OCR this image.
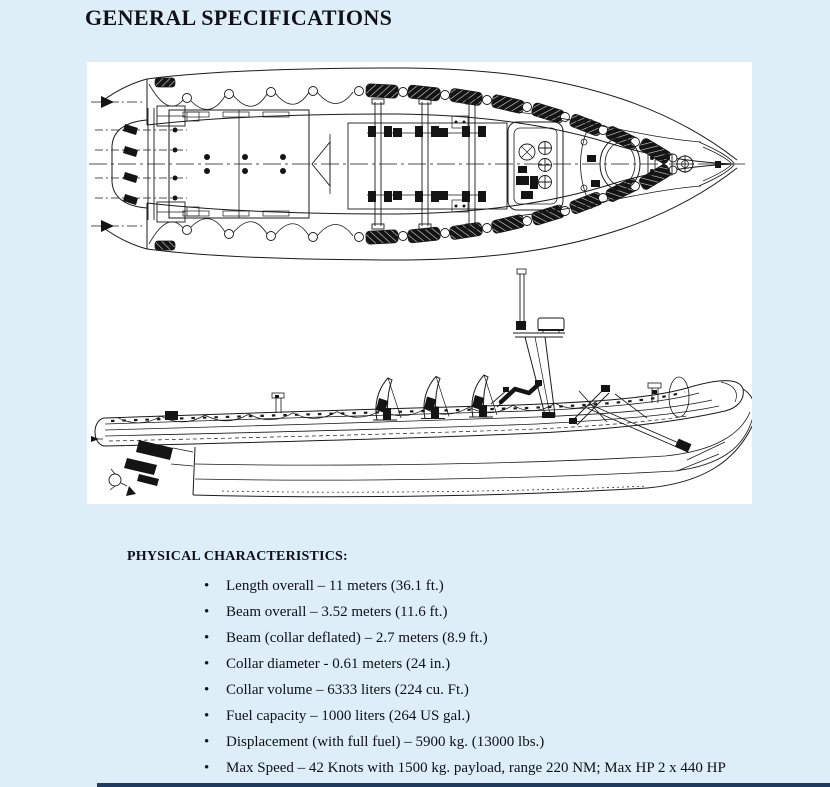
GENERAL SPECIFICATIONS
PHYSICAL CHARACTERISTICS:
• Length overall – 11 meters (36.1 ft.)
• Beam overall – 3.52 meters (11.6 ft.)
• Beam (collar deflated) – 2.7 meters (8.9 ft.)
• Collar diameter - 0.61 meters (24 in.)
• Collar volume – 6333 liters (224 cu. Ft.)
• Fuel capacity – 1000 liters (264 US gal.)
• Displacement (with full fuel) – 5900 kg. (13000 lbs.)
• Max Speed – 42 Knots with 1500 kg. payload, range 220 NM; Max HP 2 x 440 HP
